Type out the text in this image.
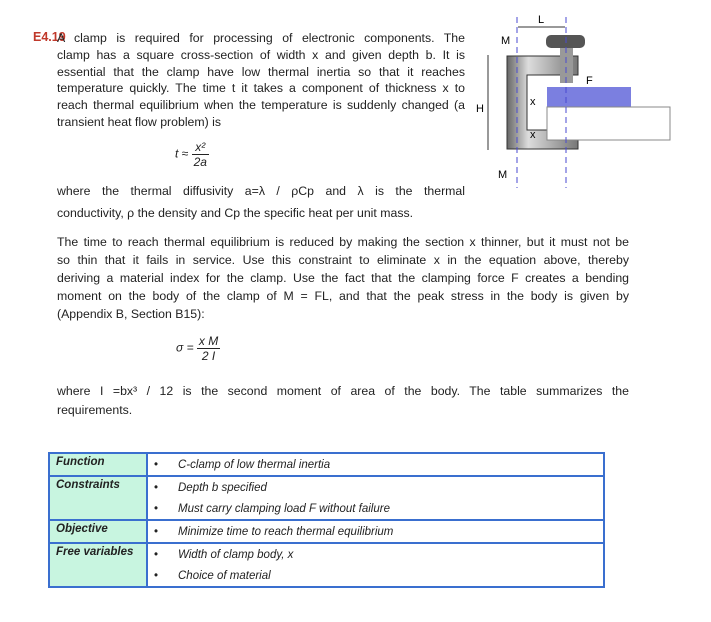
E4.19
A clamp is required for processing of electronic components. The
clamp has a square cross-section of width x and given depth b. It is
essential that the clamp have low thermal inertia so that it reaches
temperature quickly. The time t it takes a component of thickness x to
reach thermal equilibrium when the temperature is suddenly changed (a
transient heat flow problem) is
$t \approx \frac{\text{x²}}{2a}$
where the thermal diffusivity a=λ / ρCp and λ is the thermal
conductivity, ρ the density and Cp the specific heat per unit mass.
The time to reach thermal equilibrium is reduced by making the section x thinner, but it must not be
so thin that it fails in service. Use this constraint to eliminate x in the equation above, thereby
deriving a material index for the clamp. Use the fact that the clamping force F creates a bending
moment on the body of the clamp of M = FL, and that the peak stress in the body is given by
(Appendix B, Section B15):
$\sigma = \frac{\text{x M}}{2 I}$
where I =bx³ / 12 is the second moment of area of the body. The table summarizes the
requirements.
L
M
M
F
H
x
x
Function	• C-clamp of low thermal inertia
Constraints	• Depth b specified
	• Must carry clamping load F without failure
Objective	• Minimize time to reach thermal equilibrium
Free variables	• Width of clamp body, x
	• Choice of material
